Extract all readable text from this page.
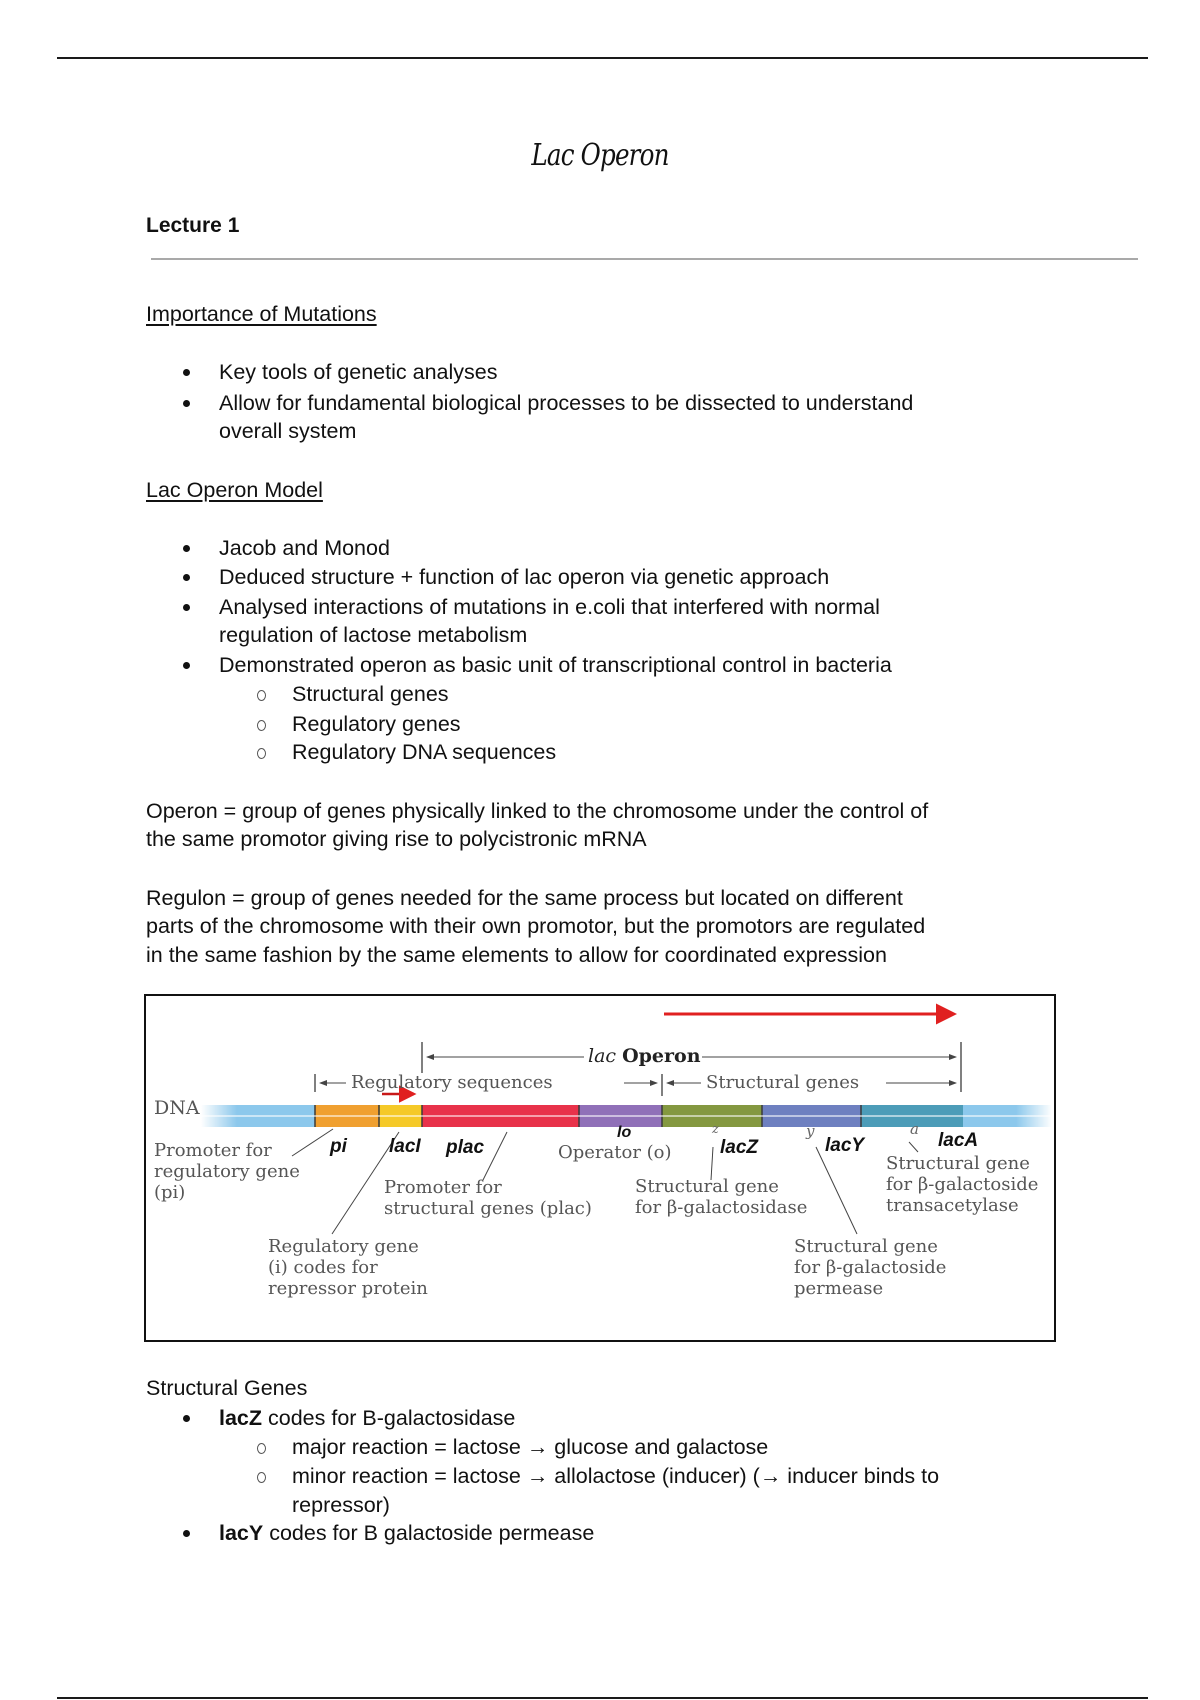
Lac Operon
Lecture 1
Importance of Mutations
Key tools of genetic analyses
Allow for fundamental biological processes to be dissected to understand
overall system
Lac Operon Model
Jacob and Monod
Deduced structure + function of lac operon via genetic approach
Analysed interactions of mutations in e.coli that interfered with normal
regulation of lactose metabolism
Demonstrated operon as basic unit of transcriptional control in bacteria
Structural genes
Regulatory genes
Regulatory DNA sequences
Operon = group of genes physically linked to the chromosome under the control of
the same promotor giving rise to polycistronic mRNA
Regulon = group of genes needed for the same process but located on different
parts of the chromosome with their own promotor, but the promotors are regulated
in the same fashion by the same elements to allow for coordinated expression
DNA
lac Operon
Regulatory sequences	Structural genes
pi lacI plac
lo
lacZ	lacY	lacA
z	y	a
Promoter for
regulatory gene
(pi)
Regulatory gene
(i) codes for
repressor protein
Promoter for
structural genes (plac)
Operator (o)
Structural gene
for β-galactosidase
Structural gene
for β-galactoside
permease
Structural gene
for β-galactoside
transacetylase
Structural Genes
lacZ codes for B-galactosidase
major reaction = lactose → glucose and galactose
minor reaction = lactose → allolactose (inducer) (→ inducer binds to
repressor)
lacY codes for B galactoside permease
